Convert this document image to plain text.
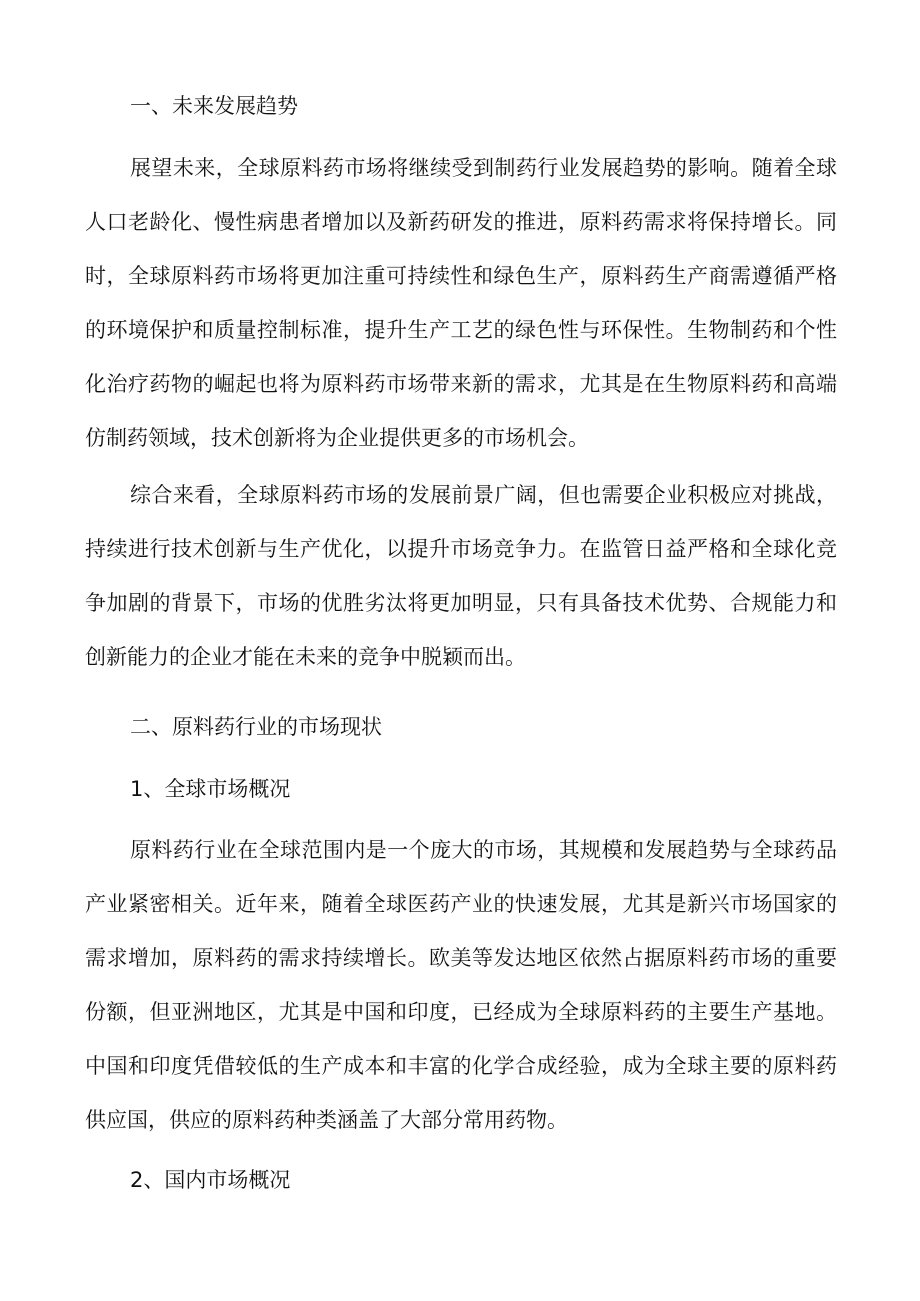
一、未来发展趋势

展望未来，全球原料药市场将继续受到制药行业发展趋势的影响。随着全球人口老龄化、慢性病患者增加以及新药研发的推进，原料药需求将保持增长。同时，全球原料药市场将更加注重可持续性和绿色生产，原料药生产商需遵循严格的环境保护和质量控制标准，提升生产工艺的绿色性与环保性。生物制药和个性化治疗药物的崛起也将为原料药市场带来新的需求，尤其是在生物原料药和高端仿制药领域，技术创新将为企业提供更多的市场机会。

综合来看，全球原料药市场的发展前景广阔，但也需要企业积极应对挑战，持续进行技术创新与生产优化，以提升市场竞争力。在监管日益严格和全球化竞争加剧的背景下，市场的优胜劣汰将更加明显，只有具备技术优势、合规能力和创新能力的企业才能在未来的竞争中脱颖而出。

二、原料药行业的市场现状
1、全球市场概况

原料药行业在全球范围内是一个庞大的市场，其规模和发展趋势与全球药品产业紧密相关。近年来，随着全球医药产业的快速发展，尤其是新兴市场国家的需求增加，原料药的需求持续增长。欧美等发达地区依然占据原料药市场的重要份额，但亚洲地区，尤其是中国和印度，已经成为全球原料药的主要生产基地。中国和印度凭借较低的生产成本和丰富的化学合成经验，成为全球主要的原料药供应国，供应的原料药种类涵盖了大部分常用药物。

2、国内市场概况
